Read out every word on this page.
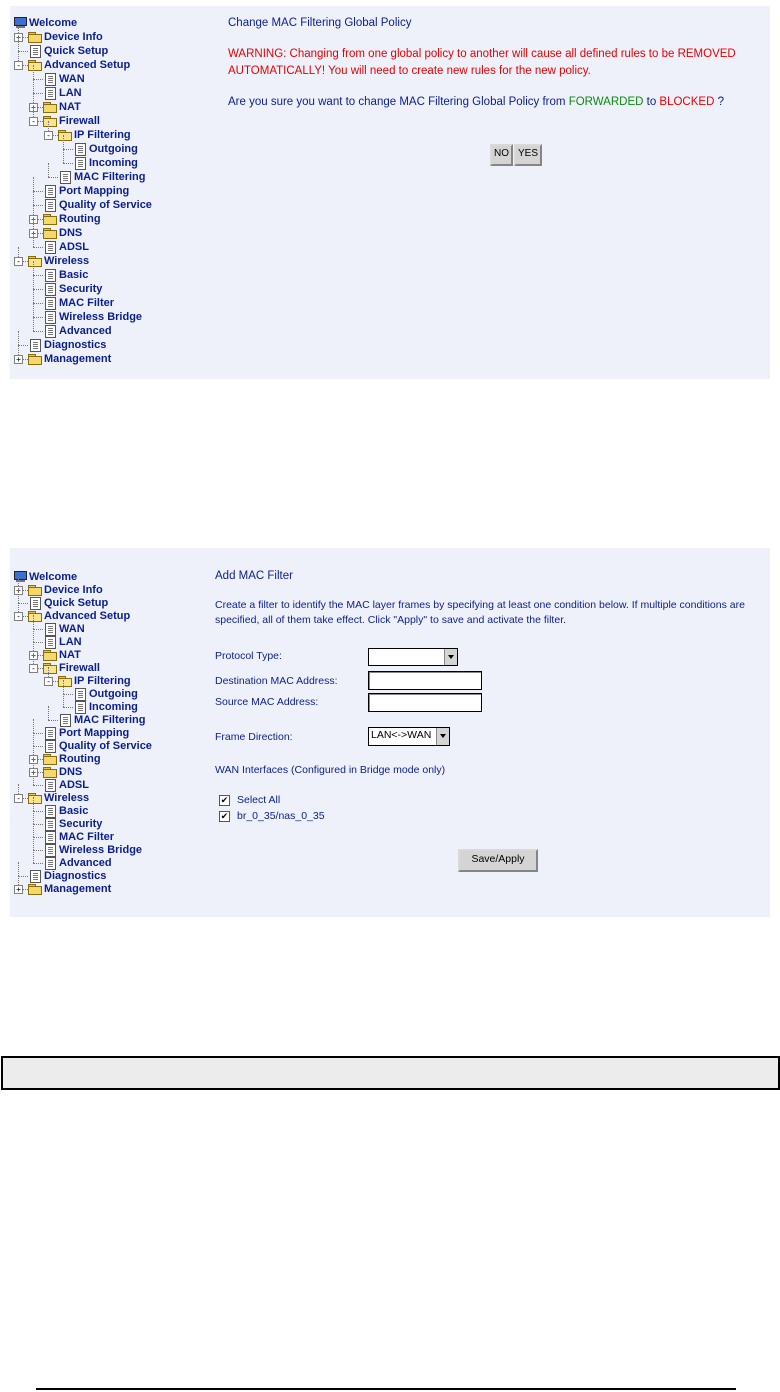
Welcome
+ Device Info
Quick Setup
- Advanced Setup
WAN
LAN
+ NAT
- Firewall
- IP Filtering
Outgoing
Incoming
MAC Filtering
Port Mapping
Quality of Service
+ Routing
+ DNS
ADSL
- Wireless
Basic
Security
MAC Filter
Wireless Bridge
Advanced
Diagnostics
+ Management
Change MAC Filtering Global Policy
WARNING: Changing from one global policy to another will cause all defined rules to be REMOVED
AUTOMATICALLY! You will need to create new rules for the new policy.
Are you sure you want to change MAC Filtering Global Policy from FORWARDED to BLOCKED ?
NO YES
Welcome
+ Device Info
Quick Setup
- Advanced Setup
WAN
LAN
+ NAT
- Firewall
- IP Filtering
Outgoing
Incoming
MAC Filtering
Port Mapping
Quality of Service
+ Routing
+ DNS
ADSL
- Wireless
Basic
Security
MAC Filter
Wireless Bridge
Advanced
Diagnostics
+ Management
Add MAC Filter
Create a filter to identify the MAC layer frames by specifying at least one condition below. If multiple conditions are
specified, all of them take effect. Click "Apply" to save and activate the filter.
Protocol Type:
Destination MAC Address:
Source MAC Address:
Frame Direction:	LAN<->WAN
WAN Interfaces (Configured in Bridge mode only)
✔ Select All
✔ br_0_35/nas_0_35
Save/Apply
